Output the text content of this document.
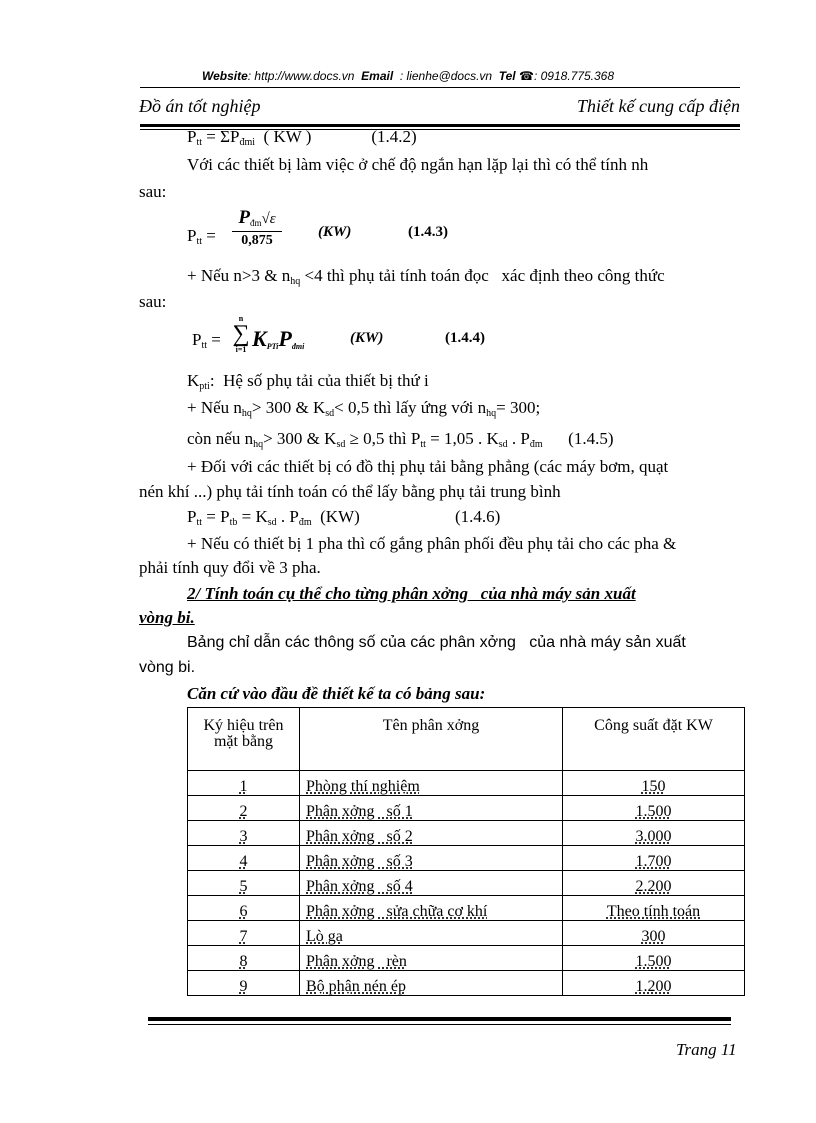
Website: http://www.docs.vn Email : lienhe@docs.vn Tel ☎: 0918.775.368
Đồ án tốt nghiệp	Thiết kế cung cấp điện
$P_{tt} = \Sigma P_{đmi}$ ( KW )	(1.4.2)
Với các thiết bị làm việc ở chế độ ngắn hạn lặp lại thì có thể tính nh
sau:
$P_{tt}$ =
$P_{đm}√\varepsilon$
0,875
(KW)	(1.4.3)
+ Nếu n>3 & $n_{hq} <4$ thì phụ tải tính toán đọc   xác định theo công thức
sau:
$P_{tt}$ =
n
∑
i=1 $K_{PTi}P_{đmi}$
(KW)	(1.4.4)
$K_{pti}$:  Hệ số phụ tải của thiết bị thứ i
+ Nếu $n_{hq}> 300$ & $K_{sd}< 0,5$ thì lấy ứng với $n_{hq}= 300$;
còn nếu $n_{hq}> 300$ & $K_{sd} \ge 0,5$ thì $P_{tt} = 1,05$ . $K_{sd}$ . $P_{đm}$      (1.4.5)
+ Đối với các thiết bị có đồ thị phụ tải bằng phẳng (các máy bơm, quạt
nén khí ...) phụ tải tính toán có thể lấy bằng phụ tải trung bình
$P_{tt} = P_{tb} = K_{sd}$ . $P_{đm}$  (KW)	(1.4.6)
+ Nếu có thiết bị 1 pha thì cố gắng phân phối đều phụ tải cho các pha &
phải tính quy đổi về 3 pha.
2/ Tính toán cụ thể cho từng phân xởng   của nhà máy sản xuất
vòng bi.
Bảng chỉ dẫn các thông số của các phân xởng   của nhà máy sản xuất
vòng bi.
Căn cứ vào đầu đề thiết kế ta có bảng sau:
Ký hiệu trên mặt bằng	Tên phân xởng	Công suất đặt KW
1	Phòng thí nghiệm	150
2	Phân xởng   số 1	1.500
3	Phân xởng   số 2	3.000
4	Phân xởng   số 3	1.700
5	Phân xởng   số 4	2.200
6	Phân xởng   sửa chữa cơ khí	Theo tính toán
7	Lò ga	300
8	Phân xởng   rèn	1.500
9	Bộ phận nén ép	1.200
Trang 11
